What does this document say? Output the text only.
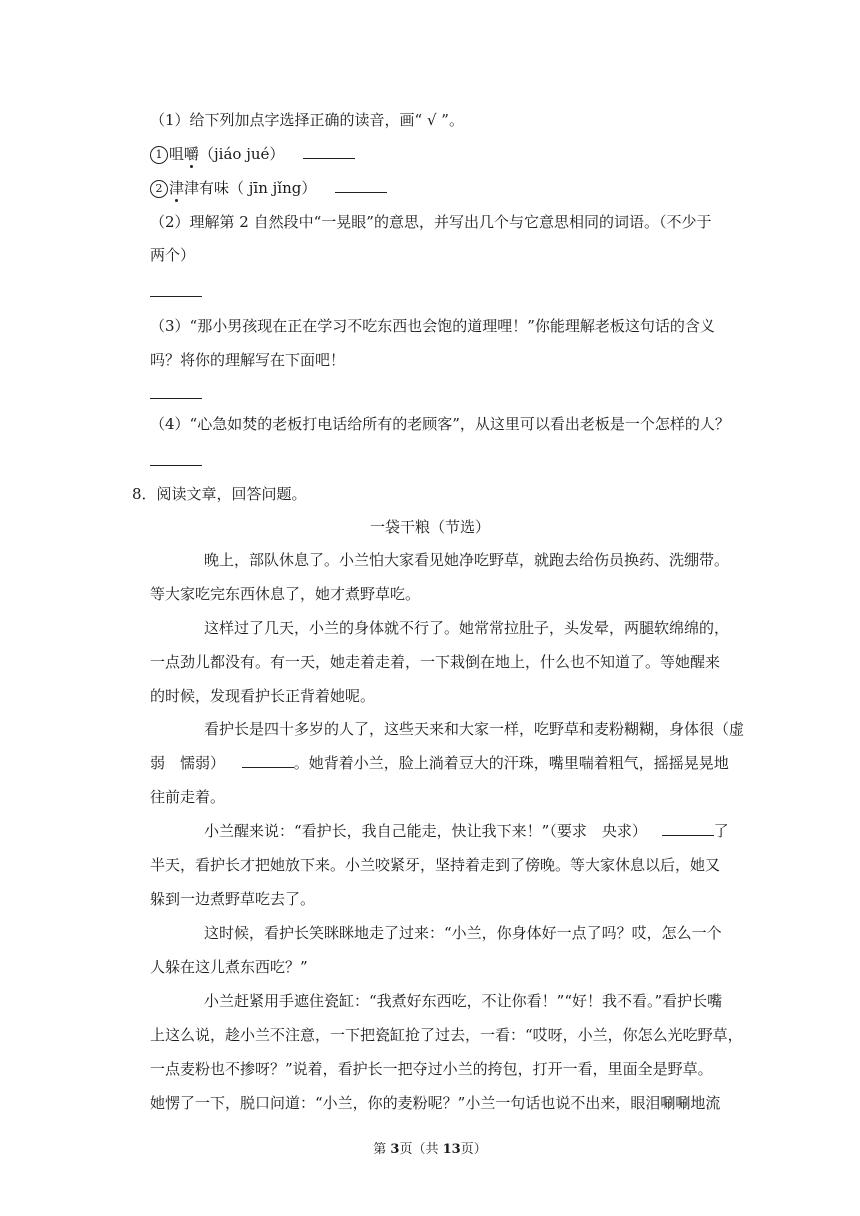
（1）给下列加点字选择正确的读音，画“ √ ”。
1 咀嚼（jiáo jué）
2 津津有味（ jīn jǐng）
（2）理解第 2 自然段中“一晃眼”的意思，并写出几个与它意思相同的词语。（不少于
两个）
（3）“那小男孩现在正在学习不吃东西也会饱的道理哩！”你能理解老板这句话的含义
吗？将你的理解写在下面吧！
（4）“心急如焚的老板打电话给所有的老顾客”，从这里可以看出老板是一个怎样的人？
8．阅读文章，回答问题。
一袋干粮（节选）
晚上，部队休息了。小兰怕大家看见她净吃野草，就跑去给伤员换药、洗绷带。
等大家吃完东西休息了，她才煮野草吃。
这样过了几天，小兰的身体就不行了。她常常拉肚子，头发晕，两腿软绵绵的，
一点劲儿都没有。有一天，她走着走着，一下栽倒在地上，什么也不知道了。等她醒来
的时候，发现看护长正背着她呢。
看护长是四十多岁的人了，这些天来和大家一样，吃野草和麦粉糊糊，身体很（虚
弱　懦弱）	。她背着小兰，脸上淌着豆大的汗珠，嘴里喘着粗气，摇摇晃晃地
往前走着。
小兰醒来说：“看护长，我自己能走，快让我下来！”（要求　央求）	了
半天，看护长才把她放下来。小兰咬紧牙，坚持着走到了傍晚。等大家休息以后，她又
躲到一边煮野草吃去了。
这时候，看护长笑眯眯地走了过来：“小兰，你身体好一点了吗？哎，怎么一个
人躲在这儿煮东西吃？”
小兰赶紧用手遮住瓷缸：“我煮好东西吃，不让你看！”“好！我不看。”看护长嘴
上这么说，趁小兰不注意，一下把瓷缸抢了过去，一看：“哎呀，小兰，你怎么光吃野草，
一点麦粉也不掺呀？”说着，看护长一把夺过小兰的挎包，打开一看，里面全是野草。
她愣了一下，脱口问道：“小兰，你的麦粉呢？”小兰一句话也说不出来，眼泪唰唰地流
第 3页（共 13页）
